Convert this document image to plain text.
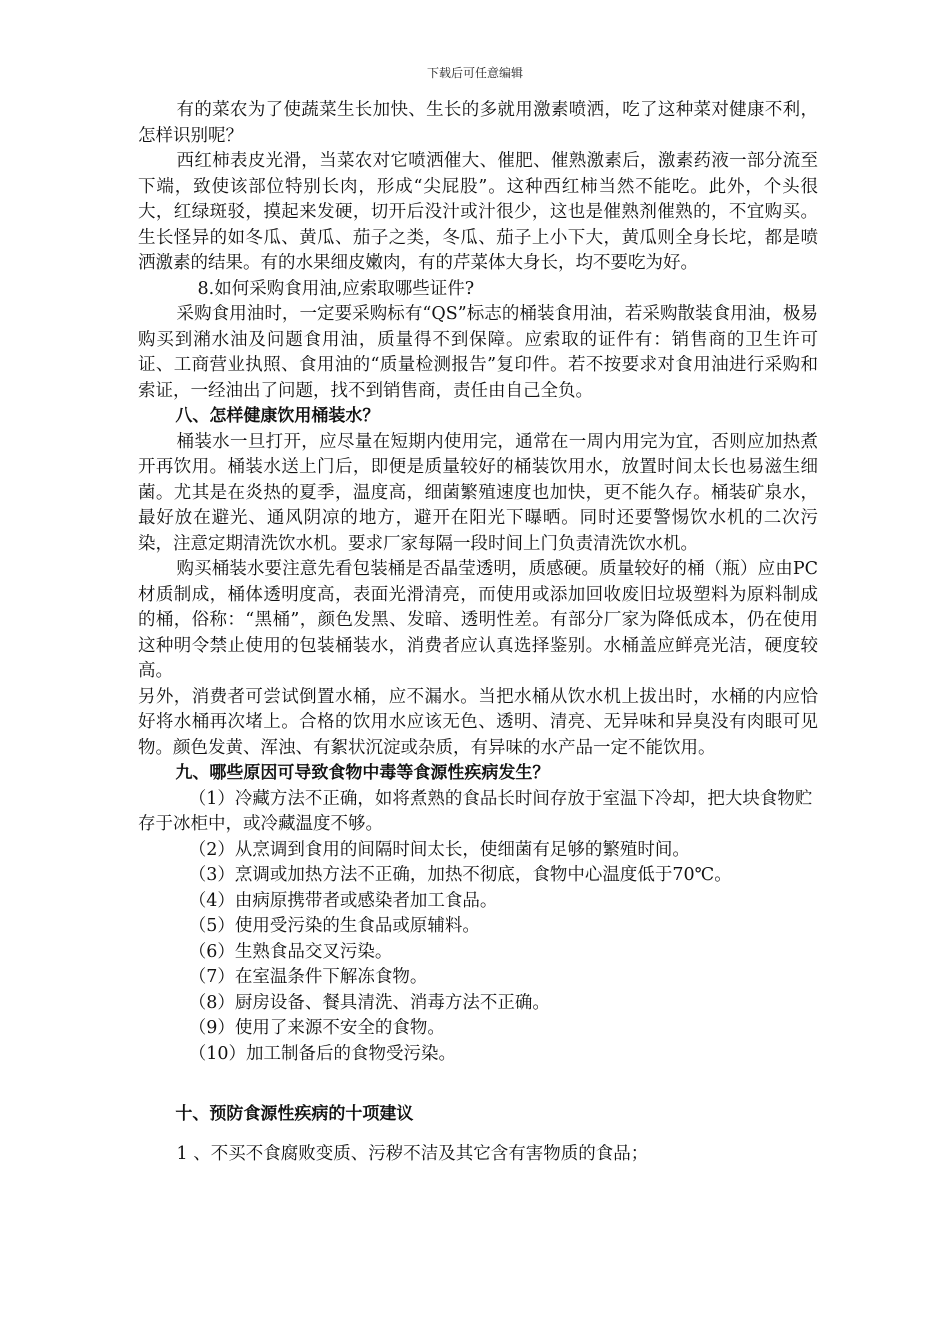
下载后可任意编辑

有的菜农为了使蔬菜生长加快、生长的多就用激素喷洒，吃了这种菜对健康不利，怎样识别呢？

西红柿表皮光滑，当菜农对它喷洒催大、催肥、催熟激素后，激素药液一部分流至下端，致使该部位特别长肉，形成“尖屁股”。这种西红柿当然不能吃。此外，个头很大，红绿斑驳，摸起来发硬，切开后没汁或汁很少，这也是催熟剂催熟的，不宜购买。生长怪异的如冬瓜、黄瓜、茄子之类，冬瓜、茄子上小下大，黄瓜则全身长坨，都是喷洒激素的结果。有的水果细皮嫩肉，有的芹菜体大身长，均不要吃为好。

8.如何采购食用油,应索取哪些证件?

采购食用油时，一定要采购标有“QS”标志的桶装食用油，若采购散装食用油，极易购买到潲水油及问题食用油，质量得不到保障。应索取的证件有：销售商的卫生许可证、工商营业执照、食用油的“质量检测报告”复印件。若不按要求对食用油进行采购和索证，一经油出了问题，找不到销售商，责任由自己全负。

八、怎样健康饮用桶装水？

桶装水一旦打开，应尽量在短期内使用完，通常在一周内用完为宜，否则应加热煮开再饮用。桶装水送上门后，即便是质量较好的桶装饮用水，放置时间太长也易滋生细菌。尤其是在炎热的夏季，温度高，细菌繁殖速度也加快，更不能久存。桶装矿泉水，最好放在避光、通风阴凉的地方，避开在阳光下曝晒。同时还要警惕饮水机的二次污染，注意定期清洗饮水机。要求厂家每隔一段时间上门负责清洗饮水机。

购买桶装水要注意先看包装桶是否晶莹透明，质感硬。质量较好的桶（瓶）应由PC材质制成，桶体透明度高，表面光滑清亮，而使用或添加回收废旧垃圾塑料为原料制成的桶，俗称：“黑桶”，颜色发黑、发暗、透明性差。有部分厂家为降低成本，仍在使用这种明令禁止使用的包装桶装水，消费者应认真选择鉴别。水桶盖应鲜亮光洁，硬度较高。

另外，消费者可尝试倒置水桶，应不漏水。当把水桶从饮水机上拔出时，水桶的内应恰好将水桶再次堵上。合格的饮用水应该无色、透明、清亮、无异味和异臭没有肉眼可见物。颜色发黄、浑浊、有絮状沉淀或杂质，有异味的水产品一定不能饮用。

九、哪些原因可导致食物中毒等食源性疾病发生？

（1）冷藏方法不正确，如将煮熟的食品长时间存放于室温下冷却，把大块食物贮存于冰柜中，或冷藏温度不够。

（2）从烹调到食用的间隔时间太长，使细菌有足够的繁殖时间。

（3）烹调或加热方法不正确，加热不彻底，食物中心温度低于70℃。

（4）由病原携带者或感染者加工食品。

（5）使用受污染的生食品或原辅料。

（6）生熟食品交叉污染。

（7）在室温条件下解冻食物。

（8）厨房设备、餐具清洗、消毒方法不正确。

（9）使用了来源不安全的食物。

（10）加工制备后的食物受污染。

十、预防食源性疾病的十项建议

1 、不买不食腐败变质、污秽不洁及其它含有害物质的食品；
